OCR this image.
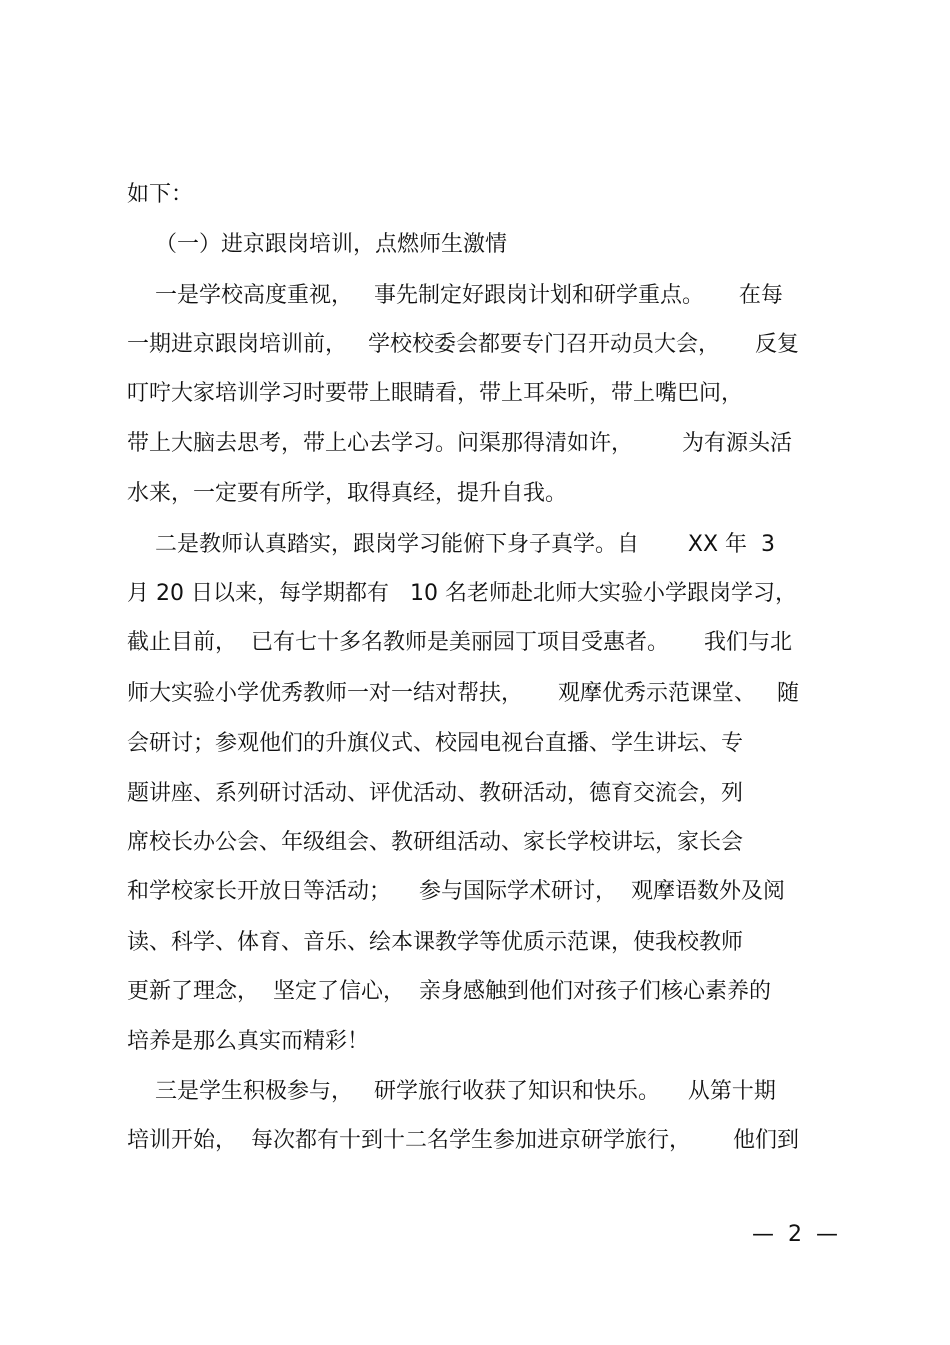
如下：
（一）进京跟岗培训，点燃师生激情
一是学校高度重视，   事先制定好跟岗计划和研学重点。     在每
一期进京跟岗培训前，   学校校委会都要专门召开动员大会，     反复
叮咛大家培训学习时要带上眼睛看，带上耳朵听，带上嘴巴问，
带上大脑去思考，带上心去学习。问渠那得清如许，       为有源头活
水来，一定要有所学，取得真经，提升自我。
二是教师认真踏实，跟岗学习能俯下身子真学。自       XX 年  3
月 20 日以来，每学期都有   10 名老师赴北师大实验小学跟岗学习，
截止目前，  已有七十多名教师是美丽园丁项目受惠者。     我们与北
师大实验小学优秀教师一对一结对帮扶，     观摩优秀示范课堂、   随
会研讨；参观他们的升旗仪式、校园电视台直播、学生讲坛、专
题讲座、系列研讨活动、评优活动、教研活动，德育交流会，列
席校长办公会、年级组会、教研组活动、家长学校讲坛，家长会
和学校家长开放日等活动；    参与国际学术研讨，  观摩语数外及阅
读、科学、体育、音乐、绘本课教学等优质示范课，使我校教师
更新了理念，  坚定了信心，  亲身感触到他们对孩子们核心素养的
培养是那么真实而精彩！
三是学生积极参与，   研学旅行收获了知识和快乐。    从第十期
培训开始，  每次都有十到十二名学生参加进京研学旅行，      他们到
—  2  —
